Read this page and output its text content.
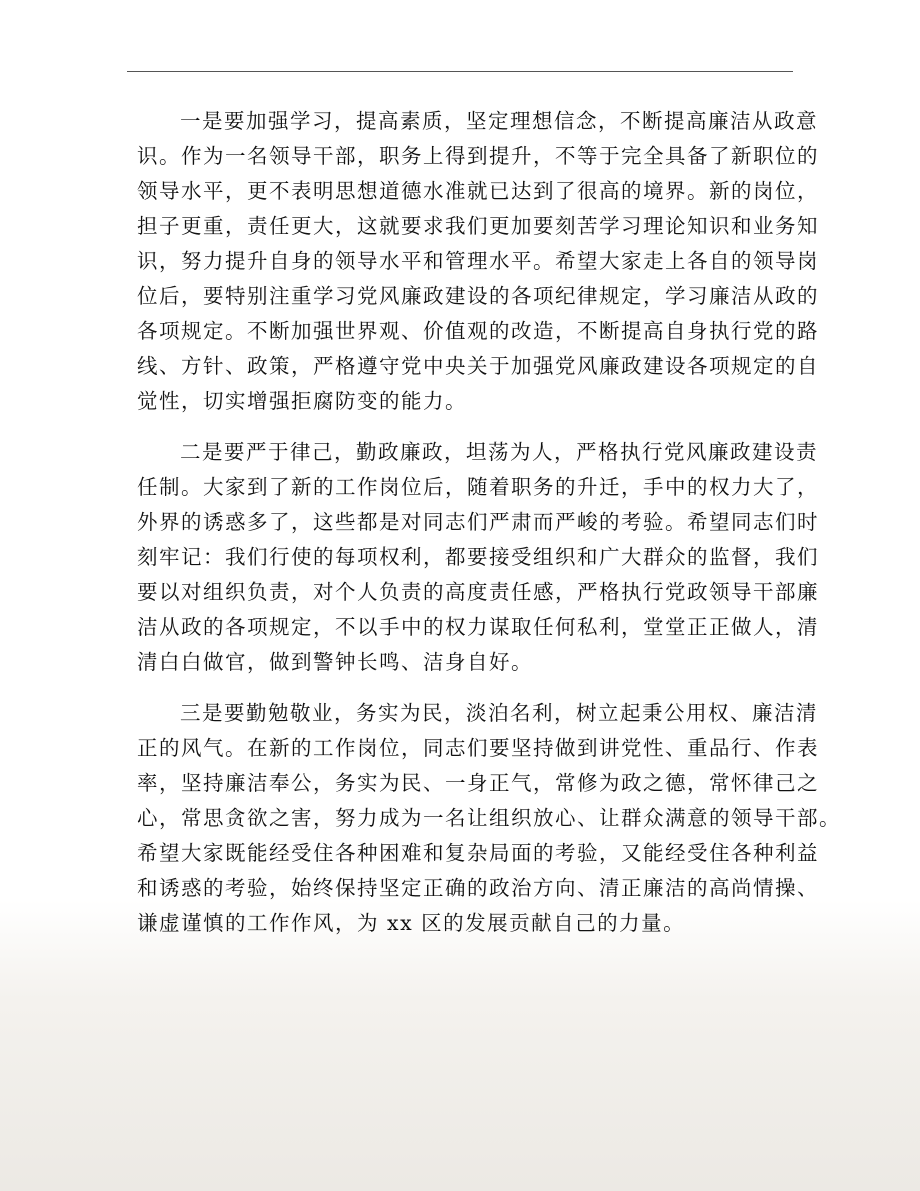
一是要加强学习，提高素质，坚定理想信念，不断提高廉洁从政意
识。作为一名领导干部，职务上得到提升，不等于完全具备了新职位的
领导水平，更不表明思想道德水准就已达到了很高的境界。新的岗位，
担子更重，责任更大，这就要求我们更加要刻苦学习理论知识和业务知
识，努力提升自身的领导水平和管理水平。希望大家走上各自的领导岗
位后，要特别注重学习党风廉政建设的各项纪律规定，学习廉洁从政的
各项规定。不断加强世界观、价值观的改造，不断提高自身执行党的路
线、方针、政策，严格遵守党中央关于加强党风廉政建设各项规定的自
觉性，切实增强拒腐防变的能力。

二是要严于律己，勤政廉政，坦荡为人，严格执行党风廉政建设责
任制。大家到了新的工作岗位后，随着职务的升迁，手中的权力大了，
外界的诱惑多了，这些都是对同志们严肃而严峻的考验。希望同志们时
刻牢记：我们行使的每项权利，都要接受组织和广大群众的监督，我们
要以对组织负责，对个人负责的高度责任感，严格执行党政领导干部廉
洁从政的各项规定，不以手中的权力谋取任何私利，堂堂正正做人，清
清白白做官，做到警钟长鸣、洁身自好。

三是要勤勉敬业，务实为民，淡泊名利，树立起秉公用权、廉洁清
正的风气。在新的工作岗位，同志们要坚持做到讲党性、重品行、作表
率，坚持廉洁奉公，务实为民、一身正气，常修为政之德，常怀律己之
心，常思贪欲之害，努力成为一名让组织放心、让群众满意的领导干部。
希望大家既能经受住各种困难和复杂局面的考验，又能经受住各种利益
和诱惑的考验，始终保持坚定正确的政治方向、清正廉洁的高尚情操、
谦虚谨慎的工作作风，为 xx 区的发展贡献自己的力量。
